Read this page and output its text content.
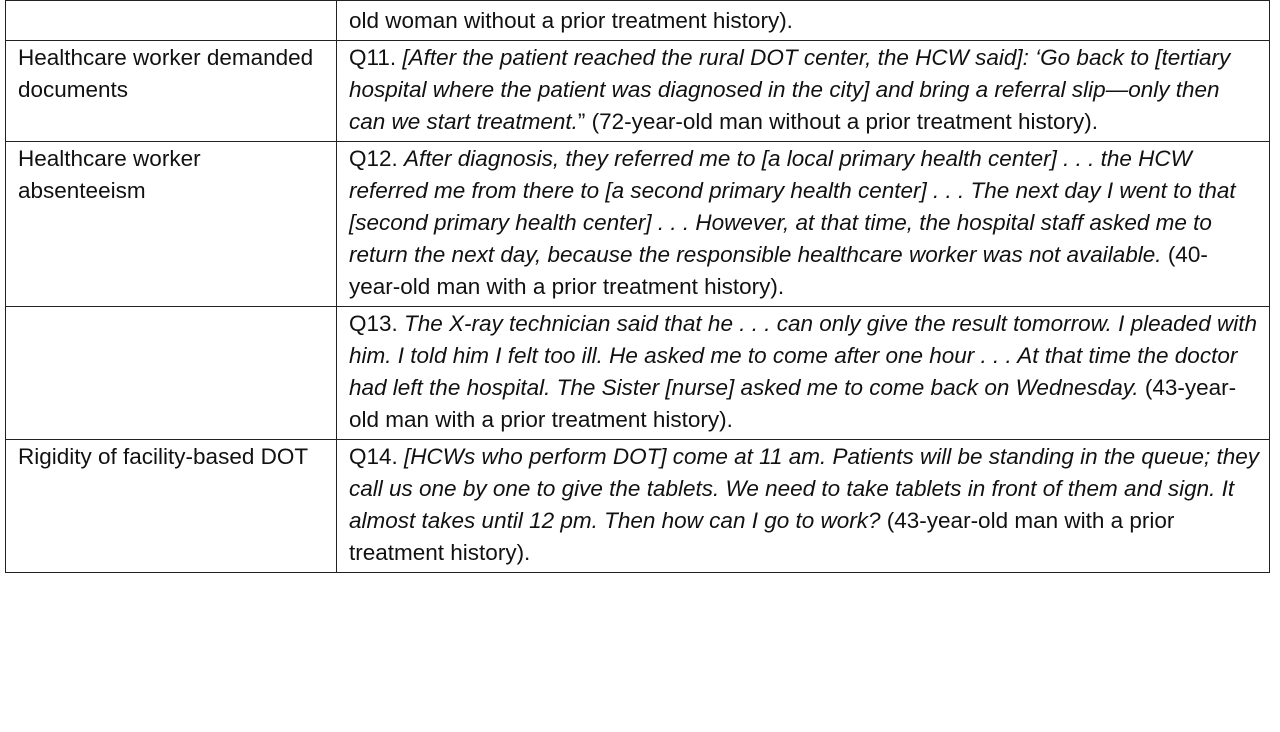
	old woman without a prior treatment history).
Healthcare worker demanded documents	Q11. [After the patient reached the rural DOT center, the HCW said]: ‘Go back to [tertiary hospital where the patient was diagnosed in the city] and bring a referral slip—only then can we start treatment.” (72-year-old man without a prior treatment history).
Healthcare worker absenteeism	Q12. After diagnosis, they referred me to [a local primary health center] . . . the HCW referred me from there to [a second primary health center] . . . The next day I went to that [second primary health center] . . . However, at that time, the hospital staff asked me to return the next day, because the responsible healthcare worker was not available. (40-year-old man with a prior treatment history).
	Q13. The X-ray technician said that he . . . can only give the result tomorrow. I pleaded with him. I told him I felt too ill. He asked me to come after one hour . . . At that time the doctor had left the hospital. The Sister [nurse] asked me to come back on Wednesday. (43-year-old man with a prior treatment history).
Rigidity of facility-based DOT	Q14. [HCWs who perform DOT] come at 11 am. Patients will be standing in the queue; they call us one by one to give the tablets. We need to take tablets in front of them and sign. It almost takes until 12 pm. Then how can I go to work? (43-year-old man with a prior treatment history).
